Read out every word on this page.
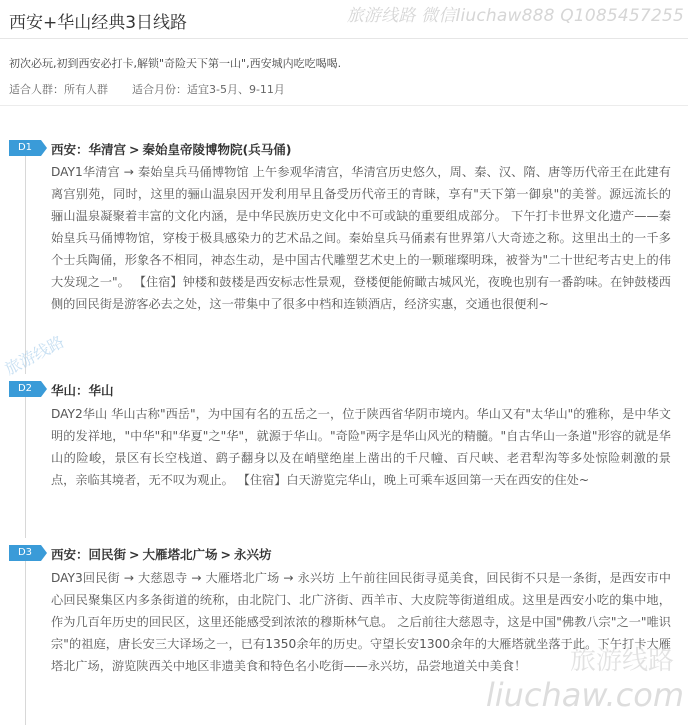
西安+华山经典3日线路	旅游线路 微信liuchaw888 Q1085457255
初次必玩,初到西安必打卡,解锁"奇险天下第一山",西安城内吃吃喝喝.
适合人群：所有人群 适合月份：适宜3-5月、9-11月
D1	西安：华清宫 > 秦始皇帝陵博物院(兵马俑)
DAY1华清宫 → 秦始皇兵马俑博物馆 上午参观华清宫，华清宫历史悠久，周、秦、汉、隋、唐等历代帝王在此建有离宫别苑，同时，这里的骊山温泉因开发利用早且备受历代帝王的青睐，享有"天下第一御泉"的美誉。源远流长的骊山温泉凝聚着丰富的文化内涵，是中华民族历史文化中不可或缺的重要组成部分。 下午打卡世界文化遗产——秦始皇兵马俑博物馆，穿梭于极具感染力的艺术品之间。秦始皇兵马俑素有世界第八大奇迹之称。这里出土的一千多个士兵陶俑，形象各不相同，神态生动，是中国古代雕塑艺术史上的一颗璀璨明珠，被誉为"二十世纪考古史上的伟大发现之一"。 【住宿】钟楼和鼓楼是西安标志性景观，登楼便能俯瞰古城风光，夜晚也别有一番韵味。在钟鼓楼西侧的回民街是游客必去之处，这一带集中了很多中档和连锁酒店，经济实惠，交通也很便利~
D2	华山：华山
DAY2华山 华山古称"西岳"，为中国有名的五岳之一，位于陕西省华阴市境内。华山又有"太华山"的雅称，是中华文明的发祥地，"中华"和"华夏"之"华"，就源于华山。"奇险"两字是华山风光的精髓。"自古华山一条道"形容的就是华山的险峻，景区有长空栈道、鹞子翻身以及在峭壁绝崖上凿出的千尺幢、百尺峡、老君犁沟等多处惊险刺激的景点，亲临其境者，无不叹为观止。 【住宿】白天游览完华山，晚上可乘车返回第一天在西安的住处~
D3	西安：回民街 > 大雁塔北广场 > 永兴坊
DAY3回民街 → 大慈恩寺 → 大雁塔北广场 → 永兴坊 上午前往回民街寻觅美食，回民街不只是一条街，是西安市中心回民聚集区内多条街道的统称，由北院门、北广济街、西羊市、大皮院等街道组成。这里是西安小吃的集中地，作为几百年历史的回民区，这里还能感受到浓浓的穆斯林气息。 之后前往大慈恩寺，这是中国"佛教八宗"之一"唯识宗"的祖庭，唐长安三大译场之一，已有1350余年的历史。守望长安1300余年的大雁塔就坐落于此。下午打卡大雁塔北广场，游览陕西关中地区非遗美食和特色名小吃街——永兴坊，品尝地道关中美食！
旅游线路
旅游线路
liuchaw.com
